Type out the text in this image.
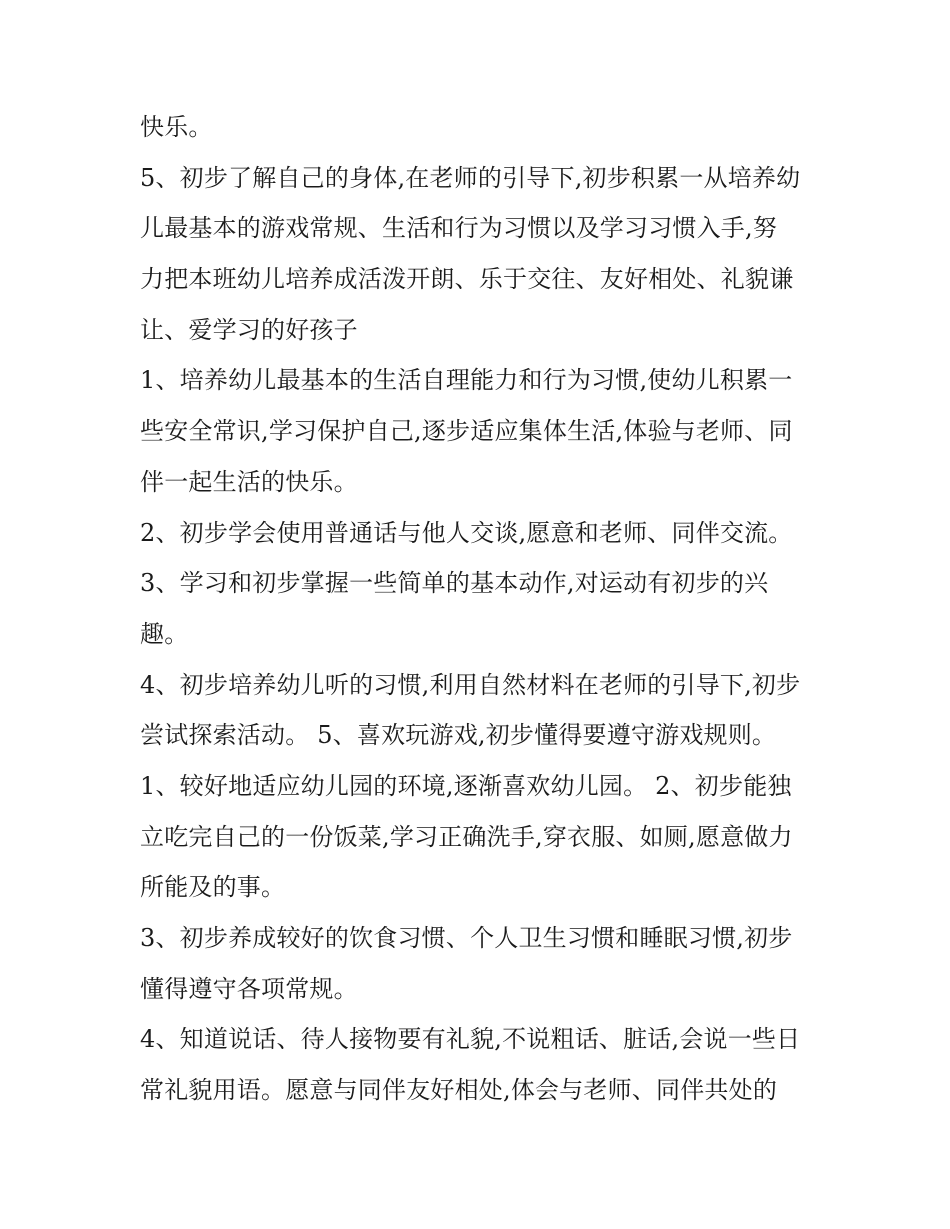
快乐。
5、初步了解自己的身体,在老师的引导下,初步积累一从培养幼
儿最基本的游戏常规、生活和行为习惯以及学习习惯入手,努
力把本班幼儿培养成活泼开朗、乐于交往、友好相处、礼貌谦
让、爱学习的好孩子
1、培养幼儿最基本的生活自理能力和行为习惯,使幼儿积累一
些安全常识,学习保护自己,逐步适应集体生活,体验与老师、同
伴一起生活的快乐。
2、初步学会使用普通话与他人交谈,愿意和老师、同伴交流。
3、学习和初步掌握一些简单的基本动作,对运动有初步的兴
趣。
4、初步培养幼儿听的习惯,利用自然材料在老师的引导下,初步
尝试探索活动。 5、喜欢玩游戏,初步懂得要遵守游戏规则。
1、较好地适应幼儿园的环境,逐渐喜欢幼儿园。 2、初步能独
立吃完自己的一份饭菜,学习正确洗手,穿衣服、如厕,愿意做力
所能及的事。
3、初步养成较好的饮食习惯、个人卫生习惯和睡眠习惯,初步
懂得遵守各项常规。
4、知道说话、待人接物要有礼貌,不说粗话、脏话,会说一些日
常礼貌用语。愿意与同伴友好相处,体会与老师、同伴共处的
